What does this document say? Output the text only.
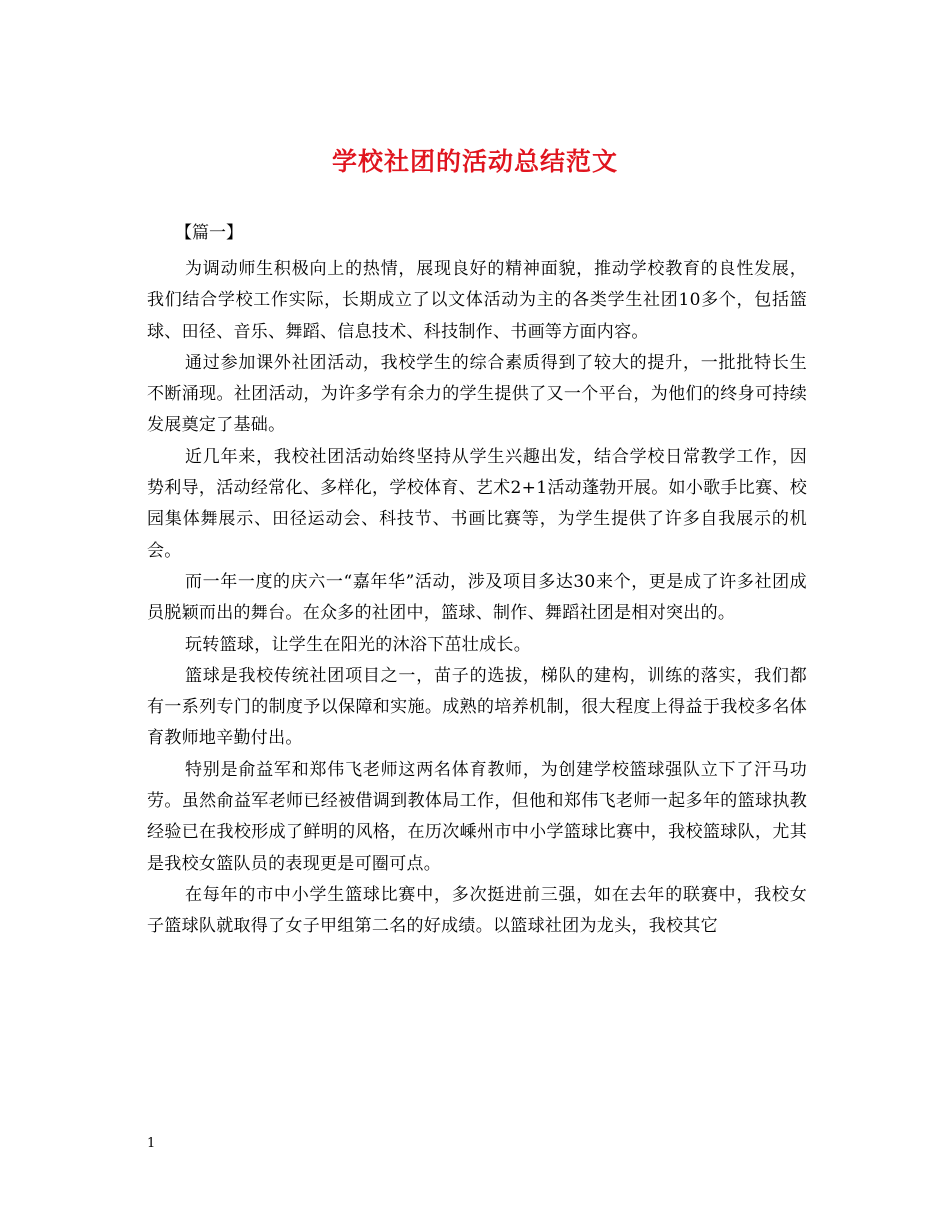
学校社团的活动总结范文
【篇一】

为调动师生积极向上的热情，展现良好的精神面貌，推动学校教育的良性发展，我们结合学校工作实际，长期成立了以文体活动为主的各类学生社团10多个，包括篮球、田径、音乐、舞蹈、信息技术、科技制作、书画等方面内容。

通过参加课外社团活动，我校学生的综合素质得到了较大的提升，一批批特长生不断涌现。社团活动，为许多学有余力的学生提供了又一个平台，为他们的终身可持续发展奠定了基础。

近几年来，我校社团活动始终坚持从学生兴趣出发，结合学校日常教学工作，因势利导，活动经常化、多样化，学校体育、艺术2+1活动蓬勃开展。如小歌手比赛、校园集体舞展示、田径运动会、科技节、书画比赛等，为学生提供了许多自我展示的机会。

而一年一度的庆六一“嘉年华”活动，涉及项目多达30来个，更是成了许多社团成员脱颖而出的舞台。在众多的社团中，篮球、制作、舞蹈社团是相对突出的。

玩转篮球，让学生在阳光的沐浴下茁壮成长。

篮球是我校传统社团项目之一，苗子的选拔，梯队的建构，训练的落实，我们都有一系列专门的制度予以保障和实施。成熟的培养机制，很大程度上得益于我校多名体育教师地辛勤付出。

特别是俞益军和郑伟飞老师这两名体育教师，为创建学校篮球强队立下了汗马功劳。虽然俞益军老师已经被借调到教体局工作，但他和郑伟飞老师一起多年的篮球执教经验已在我校形成了鲜明的风格，在历次嵊州市中小学篮球比赛中，我校篮球队，尤其是我校女篮队员的表现更是可圈可点。

在每年的市中小学生篮球比赛中，多次挺进前三强，如在去年的联赛中，我校女子篮球队就取得了女子甲组第二名的好成绩。以篮球社团为龙头，我校其它

1
